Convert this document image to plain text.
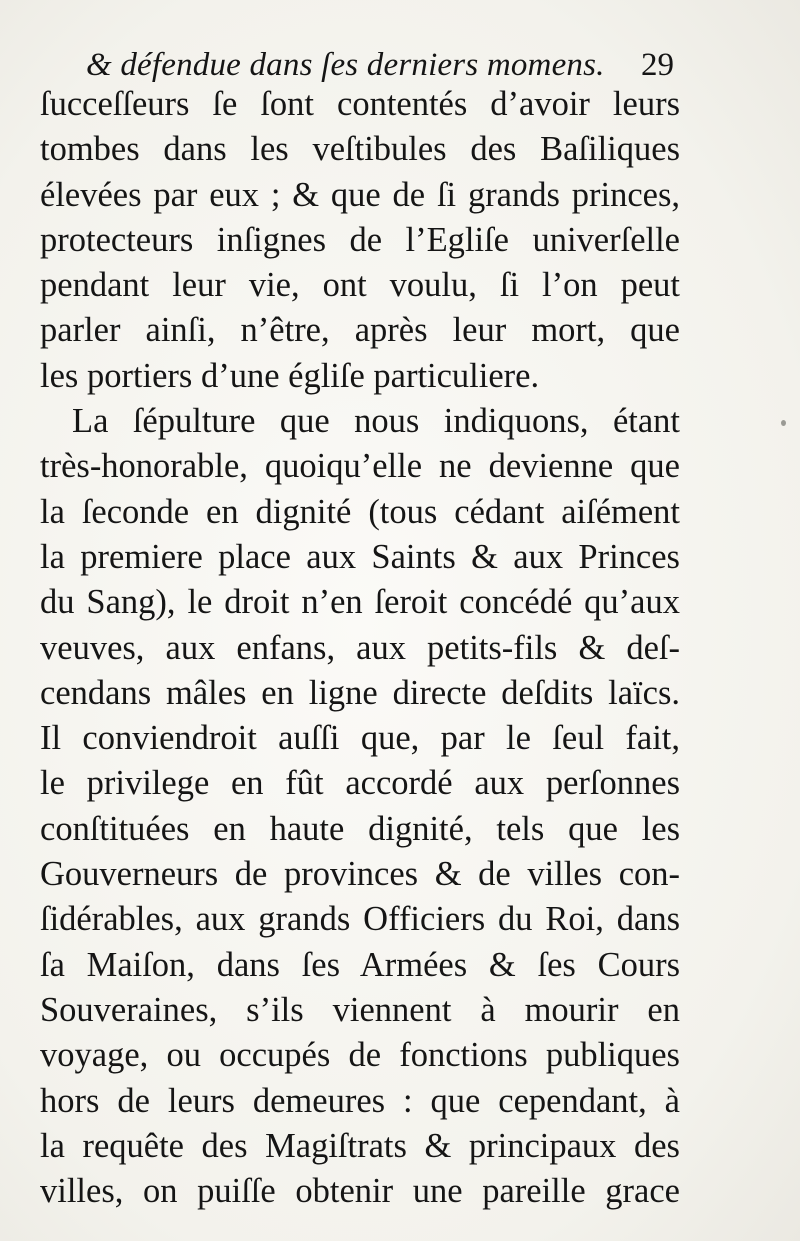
& défendue dans ſes derniers momens. 29
ſucceſſeurs ſe ſont contentés d’avoir leurs
tombes dans les veſtibules des Baſiliques
élevées par eux ; & que de ſi grands princes,
protecteurs inſignes de l’Egliſe univerſelle
pendant leur vie, ont voulu, ſi l’on peut
parler ainſi, n’être, après leur mort, que
les portiers d’une égliſe particuliere.
La ſépulture que nous indiquons, étant
très-honorable, quoiqu’elle ne devienne que
la ſeconde en dignité (tous cédant aiſément
la premiere place aux Saints & aux Princes
du Sang), le droit n’en ſeroit concédé qu’aux
veuves, aux enfans, aux petits-fils & deſ-
cendans mâles en ligne directe deſdits laïcs.
Il conviendroit auſſi que, par le ſeul fait,
le privilege en fût accordé aux perſonnes
conſtituées en haute dignité, tels que les
Gouverneurs de provinces & de villes con-
ſidérables, aux grands Officiers du Roi, dans
ſa Maiſon, dans ſes Armées & ſes Cours
Souveraines, s’ils viennent à mourir en
voyage, ou occupés de fonctions publiques
hors de leurs demeures : que cependant, à
la requête des Magiſtrats & principaux des
villes, on puiſſe obtenir une pareille grace
